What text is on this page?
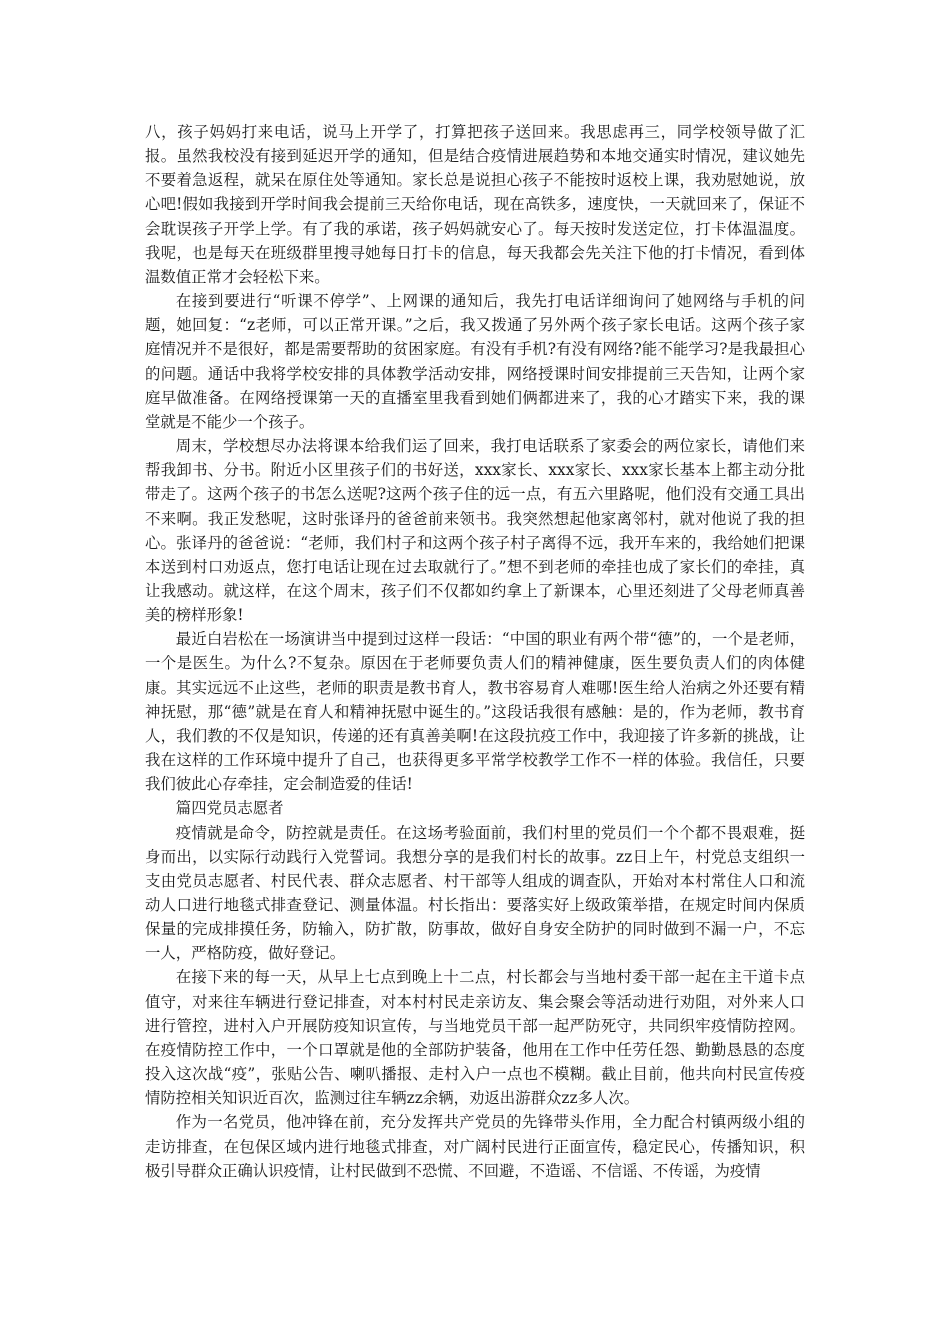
八，孩子妈妈打来电话，说马上开学了，打算把孩子送回来。我思虑再三，同学校领导做了汇报。虽然我校没有接到延迟开学的通知，但是结合疫情进展趋势和本地交通实时情况，建议她先不要着急返程，就呆在原住处等通知。家长总是说担心孩子不能按时返校上课，我劝慰她说，放心吧!假如我接到开学时间我会提前三天给你电话，现在高铁多，速度快，一天就回来了，保证不会耽误孩子开学上学。有了我的承诺，孩子妈妈就安心了。每天按时发送定位，打卡体温温度。我呢，也是每天在班级群里搜寻她每日打卡的信息，每天我都会先关注下他的打卡情况，看到体温数值正常才会轻松下来。

在接到要进行“听课不停学”、上网课的通知后，我先打电话详细询问了她网络与手机的问题，她回复：“z老师，可以正常开课。”之后，我又拨通了另外两个孩子家长电话。这两个孩子家庭情况并不是很好，都是需要帮助的贫困家庭。有没有手机?有没有网络?能不能学习?是我最担心的问题。通话中我将学校安排的具体教学活动安排，网络授课时间安排提前三天告知，让两个家庭早做准备。在网络授课第一天的直播室里我看到她们俩都进来了，我的心才踏实下来，我的课堂就是不能少一个孩子。

周末，学校想尽办法将课本给我们运了回来，我打电话联系了家委会的两位家长，请他们来帮我卸书、分书。附近小区里孩子们的书好送，xxx家长、xxx家长、xxx家长基本上都主动分批带走了。这两个孩子的书怎么送呢?这两个孩子住的远一点，有五六里路呢，他们没有交通工具出不来啊。我正发愁呢，这时张译丹的爸爸前来领书。我突然想起他家离邻村，就对他说了我的担心。张译丹的爸爸说：“老师，我们村子和这两个孩子村子离得不远，我开车来的，我给她们把课本送到村口劝返点，您打电话让现在过去取就行了。”想不到老师的牵挂也成了家长们的牵挂，真让我感动。就这样，在这个周末，孩子们不仅都如约拿上了新课本，心里还刻进了父母老师真善美的榜样形象!

最近白岩松在一场演讲当中提到过这样一段话：“中国的职业有两个带“德”的，一个是老师，一个是医生。为什么?不复杂。原因在于老师要负责人们的精神健康，医生要负责人们的肉体健康。其实远远不止这些，老师的职责是教书育人，教书容易育人难哪!医生给人治病之外还要有精神抚慰，那“德”就是在育人和精神抚慰中诞生的。”这段话我很有感触：是的，作为老师，教书育人，我们教的不仅是知识，传递的还有真善美啊!在这段抗疫工作中，我迎接了许多新的挑战，让我在这样的工作环境中提升了自己，也获得更多平常学校教学工作不一样的体验。我信任，只要我们彼此心存牵挂，定会制造爱的佳话!

篇四党员志愿者

疫情就是命令，防控就是责任。在这场考验面前，我们村里的党员们一个个都不畏艰难，挺身而出，以实际行动践行入党誓词。我想分享的是我们村长的故事。zz日上午，村党总支组织一支由党员志愿者、村民代表、群众志愿者、村干部等人组成的调查队，开始对本村常住人口和流动人口进行地毯式排查登记、测量体温。村长指出：要落实好上级政策举措，在规定时间内保质保量的完成排摸任务，防输入，防扩散，防事故，做好自身安全防护的同时做到不漏一户，不忘一人，严格防疫，做好登记。

在接下来的每一天，从早上七点到晚上十二点，村长都会与当地村委干部一起在主干道卡点值守，对来往车辆进行登记排查，对本村村民走亲访友、集会聚会等活动进行劝阻，对外来人口进行管控，进村入户开展防疫知识宣传，与当地党员干部一起严防死守，共同织牢疫情防控网。在疫情防控工作中，一个口罩就是他的全部防护装备，他用在工作中任劳任怨、勤勤恳恳的态度投入这次战“疫”，张贴公告、喇叭播报、走村入户一点也不模糊。截止目前，他共向村民宣传疫情防控相关知识近百次，监测过往车辆zz余辆，劝返出游群众zz多人次。

作为一名党员，他冲锋在前，充分发挥共产党员的先锋带头作用，全力配合村镇两级小组的走访排查，在包保区域内进行地毯式排查，对广阔村民进行正面宣传，稳定民心，传播知识，积极引导群众正确认识疫情，让村民做到不恐慌、不回避，不造谣、不信谣、不传谣，为疫情
